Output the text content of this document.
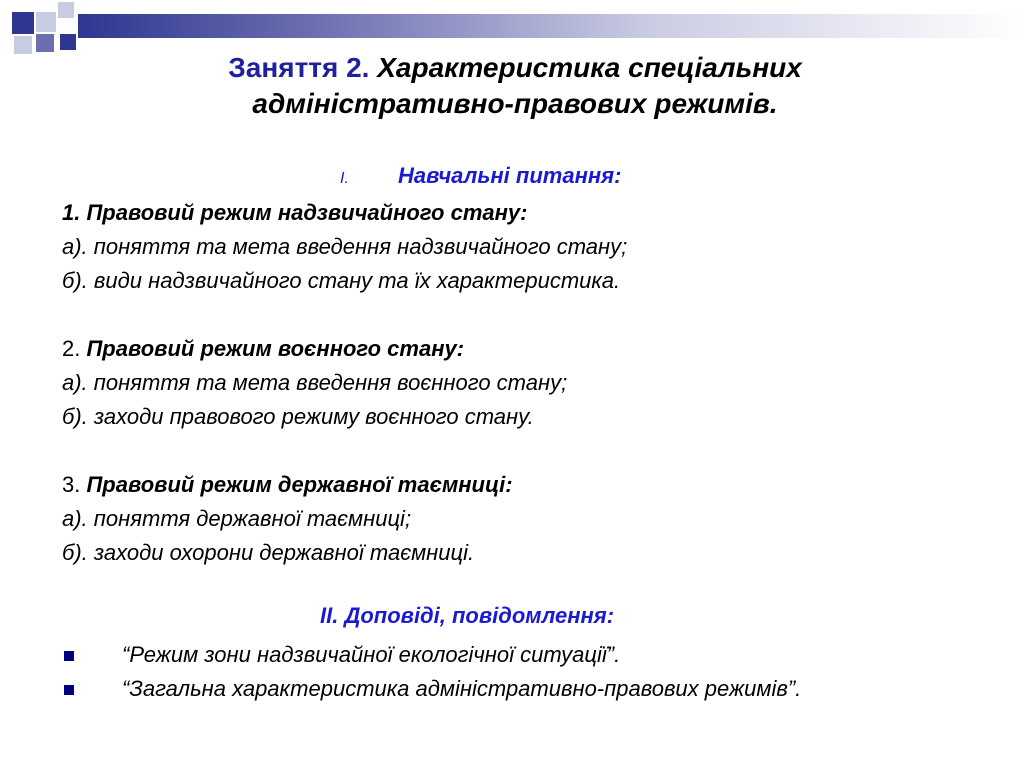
Заняття 2. Характеристика спеціальних адміністративно-правових режимів.
I. Навчальні питання:
1. Правовий режим надзвичайного стану:
а). поняття та мета введення надзвичайного стану;
б). види надзвичайного стану та їх характеристика.
2. Правовий режим воєнного стану:
а). поняття та мета введення воєнного стану;
б). заходи правового режиму воєнного стану.
3. Правовий режим державної таємниці:
а). поняття державної таємниці;
б). заходи охорони державної таємниці.
II. Доповіді, повідомлення:
“Режим зони надзвичайної екологічної ситуації”.
“Загальна характеристика адміністративно-правових режимів”.
